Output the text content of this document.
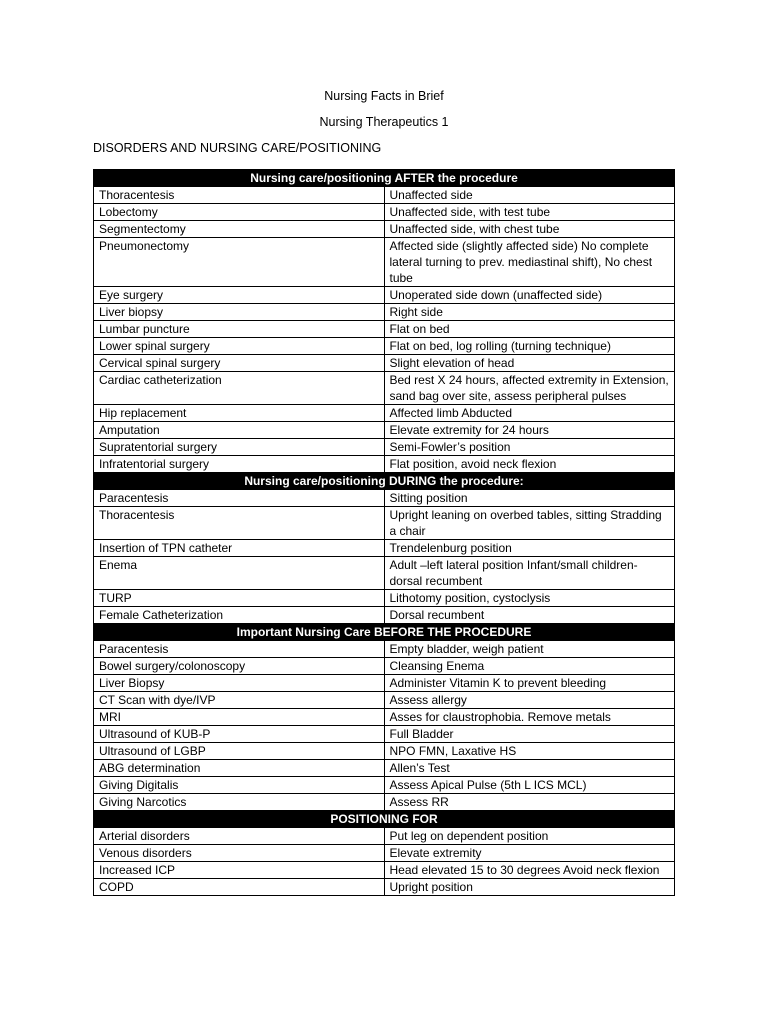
Nursing Facts in Brief
Nursing Therapeutics 1
DISORDERS AND NURSING CARE/POSITIONING
Nursing care/positioning AFTER the procedure	
Thoracentesis	Unaffected side
Lobectomy	Unaffected side, with test tube
Segmentectomy	Unaffected side, with chest tube
Pneumonectomy	Affected side (slightly affected side) No complete lateral turning to prev. mediastinal shift), No chest tube
Eye surgery	Unoperated side down (unaffected side)
Liver biopsy	Right side
Lumbar puncture	Flat on bed
Lower spinal surgery	Flat on bed, log rolling (turning technique)
Cervical spinal surgery	Slight elevation of head
Cardiac catheterization	Bed rest X 24 hours, affected extremity in Extension, sand bag over site, assess peripheral pulses
Hip replacement	Affected limb Abducted
Amputation	Elevate extremity for 24 hours
Supratentorial surgery	Semi-Fowler’s position
Infratentorial surgery	Flat position, avoid neck flexion
Nursing care/positioning DURING the procedure:	
Paracentesis	Sitting position
Thoracentesis	Upright leaning on overbed tables, sitting Stradding a chair
Insertion of TPN catheter	Trendelenburg position
Enema	Adult –left lateral position Infant/small children- dorsal recumbent
TURP	Lithotomy position, cystoclysis
Female Catheterization	Dorsal recumbent
Important Nursing Care BEFORE THE PROCEDURE	
Paracentesis	Empty bladder, weigh patient
Bowel surgery/colonoscopy	Cleansing Enema
Liver Biopsy	Administer Vitamin K to prevent bleeding
CT Scan with dye/IVP	Assess allergy
MRI	Asses for claustrophobia. Remove metals
Ultrasound of KUB-P	Full Bladder
Ultrasound of LGBP	NPO FMN, Laxative HS
ABG determination	Allen’s Test
Giving Digitalis	Assess Apical Pulse (5th L ICS MCL)
Giving Narcotics	Assess RR
POSITIONING FOR	
Arterial disorders	Put leg on dependent position
Venous disorders	Elevate extremity
Increased ICP	Head elevated 15 to 30 degrees Avoid neck flexion
COPD	Upright position
